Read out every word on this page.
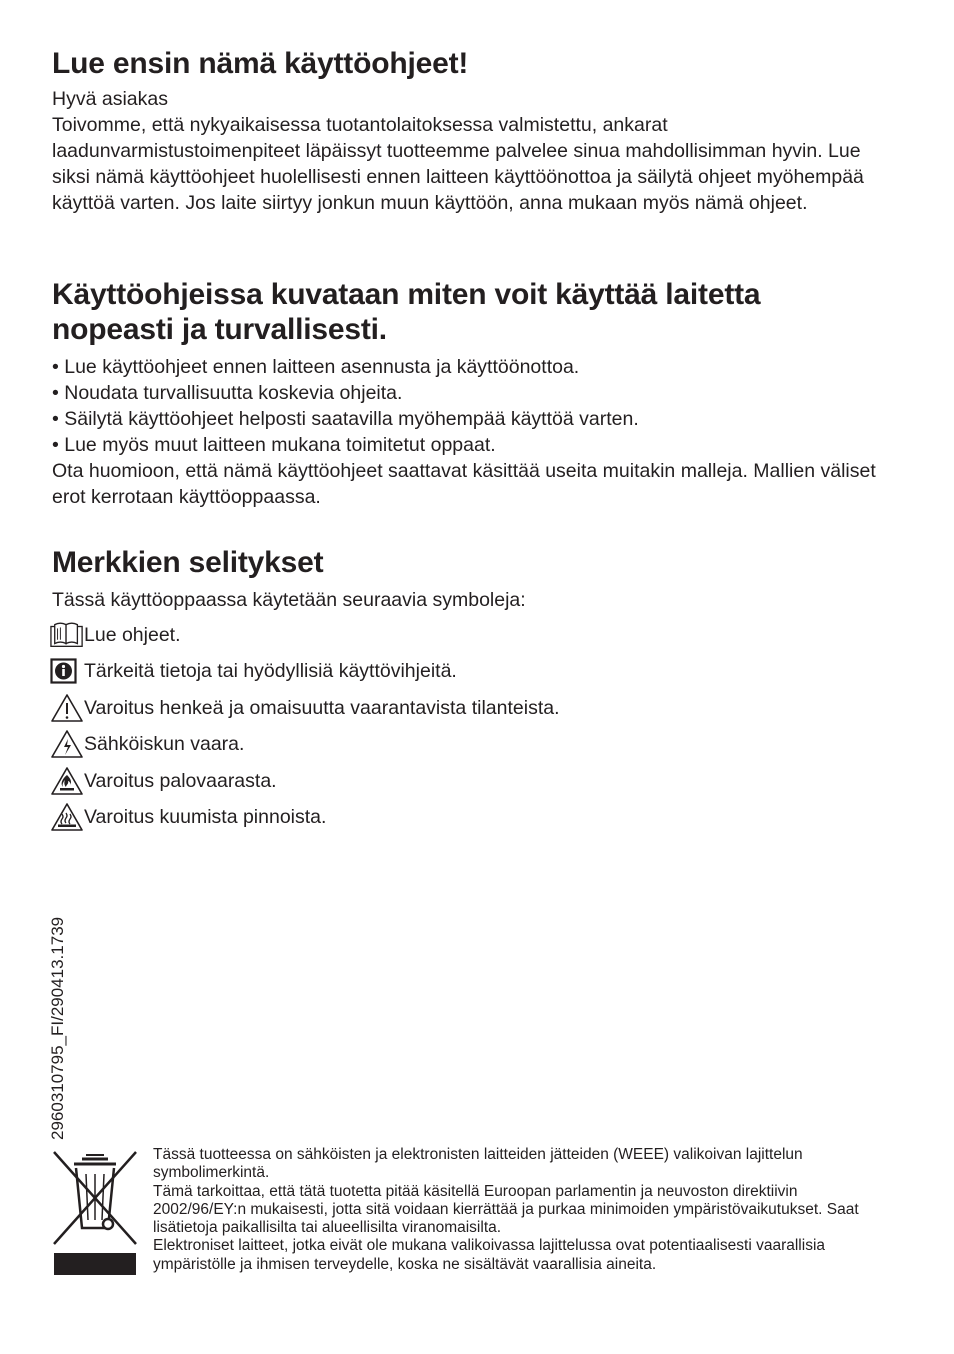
Lue ensin nämä käyttöohjeet!

Hyvä asiakas

Toivomme, että nykyaikaisessa tuotantolaitoksessa valmistettu, ankarat laadunvarmistustoimenpiteet läpäissyt tuotteemme palvelee sinua mahdollisimman hyvin. Lue siksi nämä käyttöohjeet huolellisesti ennen laitteen käyttöönottoa ja säilytä ohjeet myöhempää käyttöä varten. Jos laite siirtyy jonkun muun käyttöön, anna mukaan myös nämä ohjeet.

Käyttöohjeissa kuvataan miten voit käyttää laitetta
nopeasti ja turvallisesti.

• Lue käyttöohjeet ennen laitteen asennusta ja käyttöönottoa.

• Noudata turvallisuutta koskevia ohjeita.

• Säilytä käyttöohjeet helposti saatavilla myöhempää käyttöä varten.

• Lue myös muut laitteen mukana toimitetut oppaat.

Ota huomioon, että nämä käyttöohjeet saattavat käsittää useita muitakin malleja. Mallien väliset erot kerrotaan käyttöoppaassa.

Merkkien selitykset

Tässä käyttöoppaassa käytetään seuraavia symboleja:

Lue ohjeet.
Tärkeitä tietoja tai hyödyllisiä käyttövihjeitä.
Varoitus henkeä ja omaisuutta vaarantavista tilanteista.
Sähköiskun vaara.
Varoitus palovaarasta.
Varoitus kuumista pinnoista.
2960310795_FI/290413.1739

Tässä tuotteessa on sähköisten ja elektronisten laitteiden jätteiden (WEEE) valikoivan lajittelun symbolimerkintä.

Tämä tarkoittaa, että tätä tuotetta pitää käsitellä Euroopan parlamentin ja neuvoston direktiivin 2002/96/EY:n mukaisesti, jotta sitä voidaan kierrättää ja purkaa minimoiden ympäristövaikutukset. Saat lisätietoja paikallisilta tai alueellisilta viranomaisilta.

Elektroniset laitteet, jotka eivät ole mukana valikoivassa lajittelussa ovat potentiaalisesti vaarallisia ympäristölle ja ihmisen terveydelle, koska ne sisältävät vaarallisia aineita.
